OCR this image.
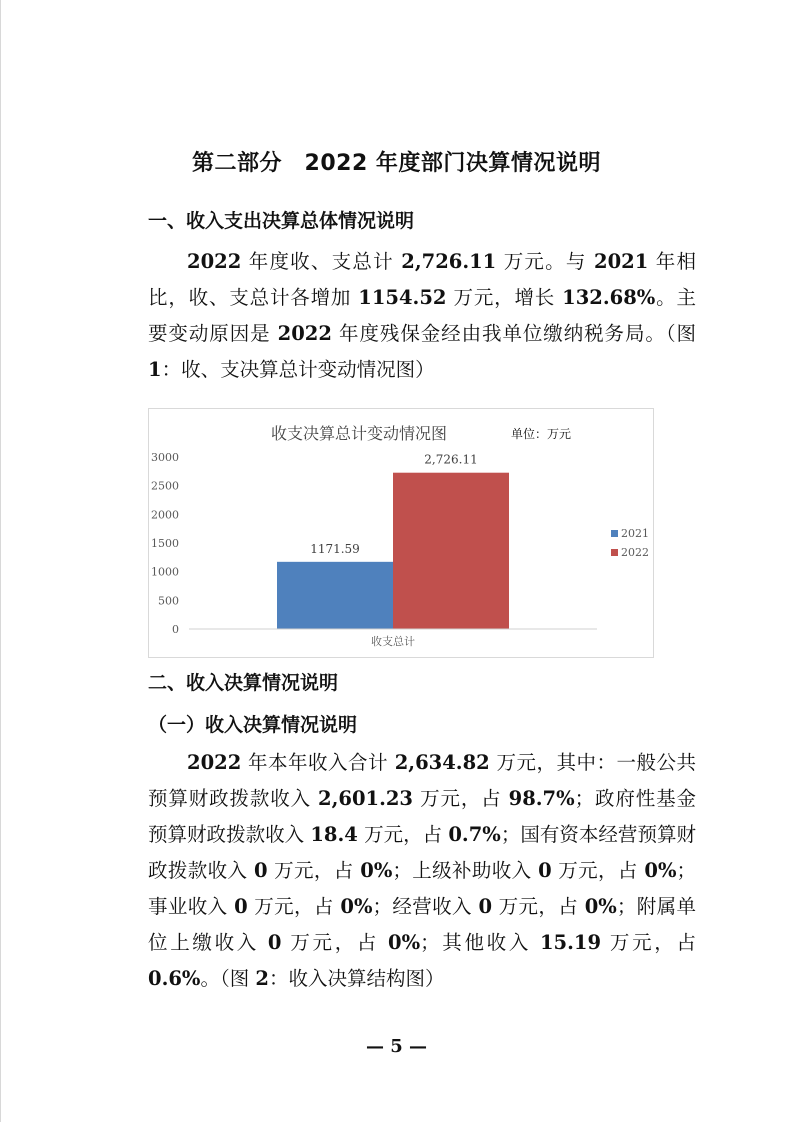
第二部分　2022 年度部门决算情况说明
一、收入支出决算总体情况说明

2022 年度收、支总计 2,726.11 万元。与 2021 年相比，收、支总计各增加 1154.52 万元，增长 132.68%。主要变动原因是 2022 年度残保金经由我单位缴纳税务局。（图 1：收、支决算总计变动情况图）

收支决算总计变动情况图	单位：万元
0
500
1000
1500
2000
2500
3000
1171.59
2,726.11
收支总计
2021
2022
二、收入决算情况说明
（一）收入决算情况说明

2022 年本年收入合计 2,634.82 万元，其中：一般公共预算财政拨款收入 2,601.23 万元，占 98.7%；政府性基金预算财政拨款收入 18.4 万元，占 0.7%；国有资本经营预算财政拨款收入 0 万元，占 0%；上级补助收入 0 万元，占 0%；事业收入 0 万元，占 0%；经营收入 0 万元，占 0%；附属单位上缴收入 0 万元，占 0%；其他收入 15.19 万元，占 0.6%。（图 2：收入决算结构图）

— 5 —
